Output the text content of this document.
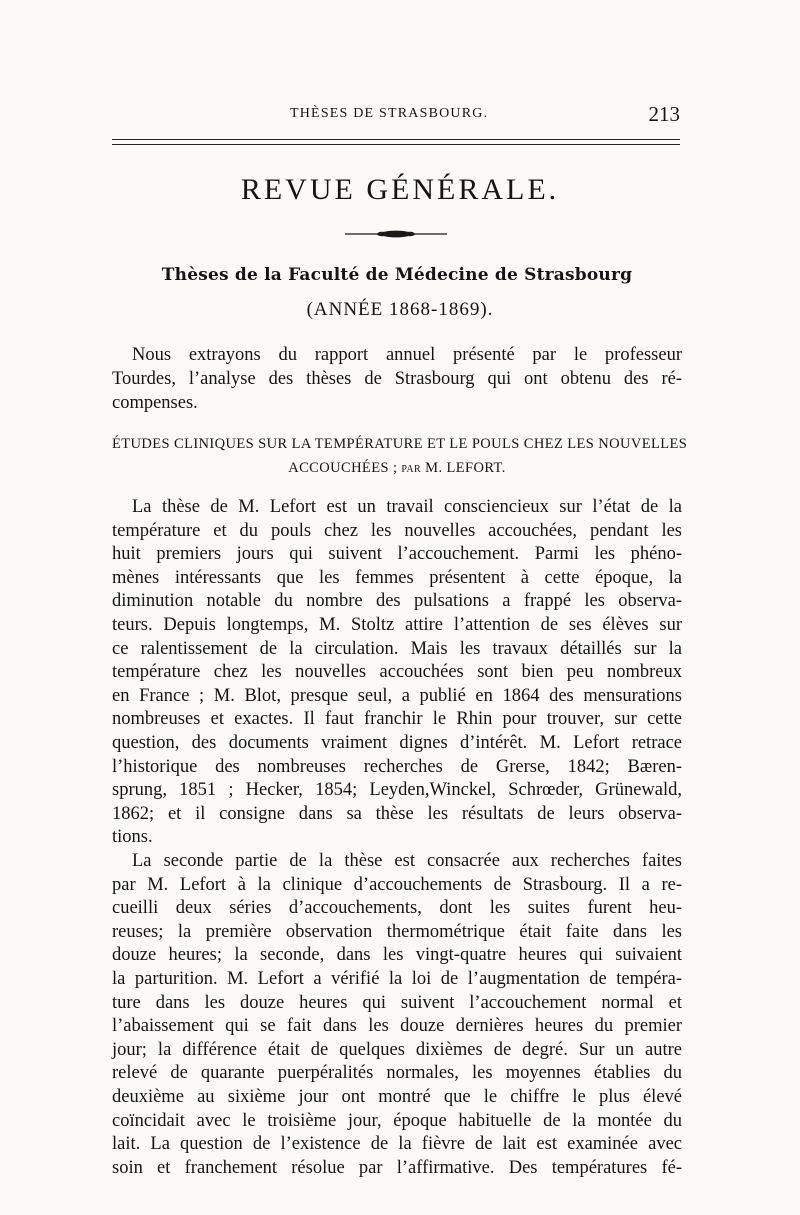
THÈSES DE STRASBOURG.	213
REVUE GÉNÉRALE.
Thèses de la Faculté de Médecine de Strasbourg
(ANNÉE 1868-1869).
Nous extrayons du rapport annuel présenté par le professeur
Tourdes, l’analyse des thèses de Strasbourg qui ont obtenu des ré-
compenses.
ÉTUDES CLINIQUES SUR LA TEMPÉRATURE ET LE POULS CHEZ LES NOUVELLES
ACCOUCHÉES ; par M. LEFORT.
La thèse de M. Lefort est un travail consciencieux sur l’état de la
température et du pouls chez les nouvelles accouchées, pendant les
huit premiers jours qui suivent l’accouchement. Parmi les phéno-
mènes intéressants que les femmes présentent à cette époque, la
diminution notable du nombre des pulsations a frappé les observa-
teurs. Depuis longtemps, M. Stoltz attire l’attention de ses élèves sur
ce ralentissement de la circulation. Mais les travaux détaillés sur la
température chez les nouvelles accouchées sont bien peu nombreux
en France ; M. Blot, presque seul, a publié en 1864 des mensurations
nombreuses et exactes. Il faut franchir le Rhin pour trouver, sur cette
question, des documents vraiment dignes d’intérêt. M. Lefort retrace
l’historique des nombreuses recherches de Grerse, 1842; Bæren-
sprung, 1851 ; Hecker, 1854; Leyden,Winckel, Schrœder, Grünewald,
1862; et il consigne dans sa thèse les résultats de leurs observa-
tions.
La seconde partie de la thèse est consacrée aux recherches faites
par M. Lefort à la clinique d’accouchements de Strasbourg. Il a re-
cueilli deux séries d’accouchements, dont les suites furent heu-
reuses; la première observation thermométrique était faite dans les
douze heures; la seconde, dans les vingt-quatre heures qui suivaient
la parturition. M. Lefort a vérifié la loi de l’augmentation de tempéra-
ture dans les douze heures qui suivent l’accouchement normal et
l’abaissement qui se fait dans les douze dernières heures du premier
jour; la différence était de quelques dixièmes de degré. Sur un autre
relevé de quarante puerpéralités normales, les moyennes établies du
deuxième au sixième jour ont montré que le chiffre le plus élevé
coïncidait avec le troisième jour, époque habituelle de la montée du
lait. La question de l’existence de la fièvre de lait est examinée avec
soin et franchement résolue par l’affirmative. Des températures fé-
